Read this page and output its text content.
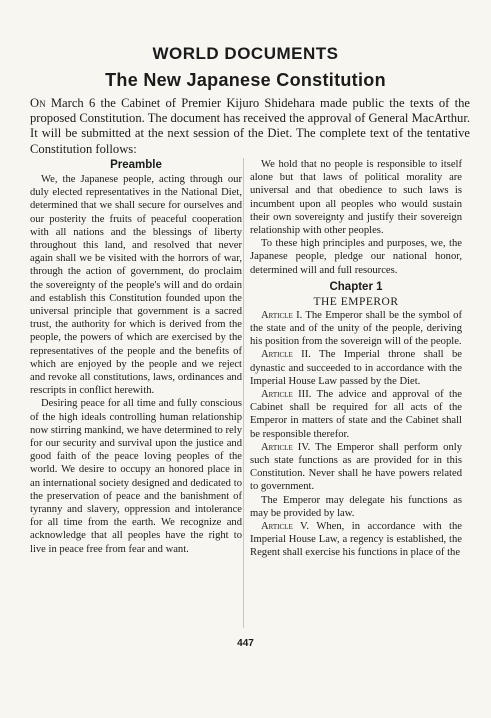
WORLD DOCUMENTS
The New Japanese Constitution
On March 6 the Cabinet of Premier Kijuro Shidehara made public the texts of the proposed Constitution. The document has received the approval of General MacArthur. It will be submitted at the next session of the Diet. The complete text of the tentative Constitution follows:
Preamble

We, the Japanese people, acting through our duly elected representatives in the National Diet, determined that we shall secure for ourselves and our posterity the fruits of peaceful cooperation with all nations and the blessings of liberty throughout this land, and resolved that never again shall we be visited with the horrors of war, through the action of government, do proclaim the sovereignty of the people's will and do ordain and establish this Constitution founded upon the universal principle that government is a sacred trust, the authority for which is derived from the people, the powers of which are exercised by the representatives of the people and the benefits of which are enjoyed by the people and we reject and revoke all constitutions, laws, ordinances and rescripts in conflict herewith.

Desiring peace for all time and fully conscious of the high ideals controlling human relationship now stirring mankind, we have determined to rely for our security and survival upon the justice and good faith of the peace loving peoples of the world. We desire to occupy an honored place in an international society designed and dedicated to the preservation of peace and the banishment of tyranny and slavery, oppression and intolerance for all time from the earth. We recognize and acknowledge that all peoples have the right to live in peace free from fear and want.

We hold that no people is responsible to itself alone but that laws of political morality are universal and that obedience to such laws is incumbent upon all peoples who would sustain their own sovereignty and justify their sovereign relationship with other peoples.

To these high principles and purposes, we, the Japanese people, pledge our national honor, determined will and full resources.

Chapter 1
THE EMPEROR

Article I. The Emperor shall be the symbol of the state and of the unity of the people, deriving his position from the sovereign will of the people.

Article II. The Imperial throne shall be dynastic and succeeded to in accordance with the Imperial House Law passed by the Diet.

Article III. The advice and approval of the Cabinet shall be required for all acts of the Emperor in matters of state and the Cabinet shall be responsible therefor.

Article IV. The Emperor shall perform only such state functions as are provided for in this Constitution. Never shall he have powers related to government.

The Emperor may delegate his functions as may be provided by law.

Article V. When, in accordance with the Imperial House Law, a regency is established, the Regent shall exercise his functions in place of the

447
